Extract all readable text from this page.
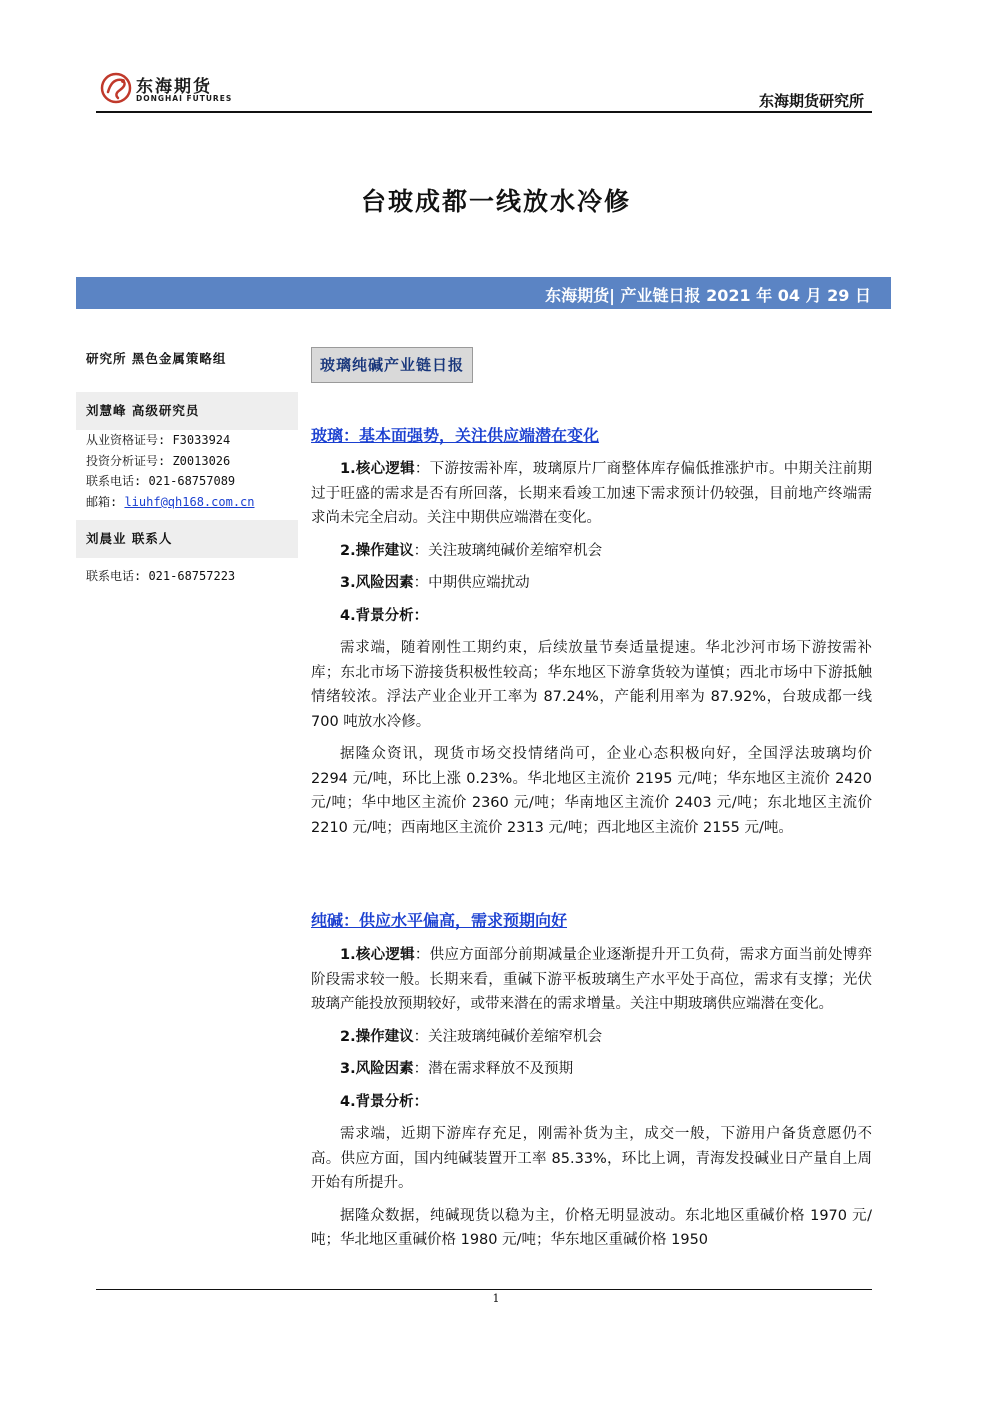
东海期货
DONGHAI FUTURES	东海期货研究所
台玻成都一线放水冷修
东海期货| 产业链日报 2021 年 04 月 29 日
研究所 黑色金属策略组
刘慧峰 高级研究员
从业资格证号: F3033924
投资分析证号: Z0013026
联系电话: 021-68757089
邮箱: liuhf@qh168.com.cn
刘晨业 联系人
联系电话: 021-68757223
玻璃纯碱产业链日报
玻璃：基本面强势，关注供应端潜在变化

1.核心逻辑：下游按需补库，玻璃原片厂商整体库存偏低推涨护市。中期关注前期过于旺盛的需求是否有所回落，长期来看竣工加速下需求预计仍较强，目前地产终端需求尚未完全启动。关注中期供应端潜在变化。

2.操作建议：关注玻璃纯碱价差缩窄机会

3.风险因素：中期供应端扰动

4.背景分析：

需求端，随着刚性工期约束，后续放量节奏适量提速。华北沙河市场下游按需补库；东北市场下游接货积极性较高；华东地区下游拿货较为谨慎；西北市场中下游抵触情绪较浓。浮法产业企业开工率为 87.24%，产能利用率为 87.92%，台玻成都一线 700 吨放水冷修。

据隆众资讯，现货市场交投情绪尚可，企业心态积极向好，全国浮法玻璃均价 2294 元/吨，环比上涨 0.23%。华北地区主流价 2195 元/吨；华东地区主流价 2420 元/吨；华中地区主流价 2360 元/吨；华南地区主流价 2403 元/吨；东北地区主流价 2210 元/吨；西南地区主流价 2313 元/吨；西北地区主流价 2155 元/吨。

纯碱：供应水平偏高，需求预期向好

1.核心逻辑：供应方面部分前期减量企业逐渐提升开工负荷，需求方面当前处博弈阶段需求较一般。长期来看，重碱下游平板玻璃生产水平处于高位，需求有支撑；光伏玻璃产能投放预期较好，或带来潜在的需求增量。关注中期玻璃供应端潜在变化。

2.操作建议：关注玻璃纯碱价差缩窄机会

3.风险因素：潜在需求释放不及预期

4.背景分析：

需求端，近期下游库存充足，刚需补货为主，成交一般，下游用户备货意愿仍不高。供应方面，国内纯碱装置开工率 85.33%，环比上调，青海发投碱业日产量自上周开始有所提升。

据隆众数据，纯碱现货以稳为主，价格无明显波动。东北地区重碱价格 1970 元/吨；华北地区重碱价格 1980 元/吨；华东地区重碱价格 1950

1
